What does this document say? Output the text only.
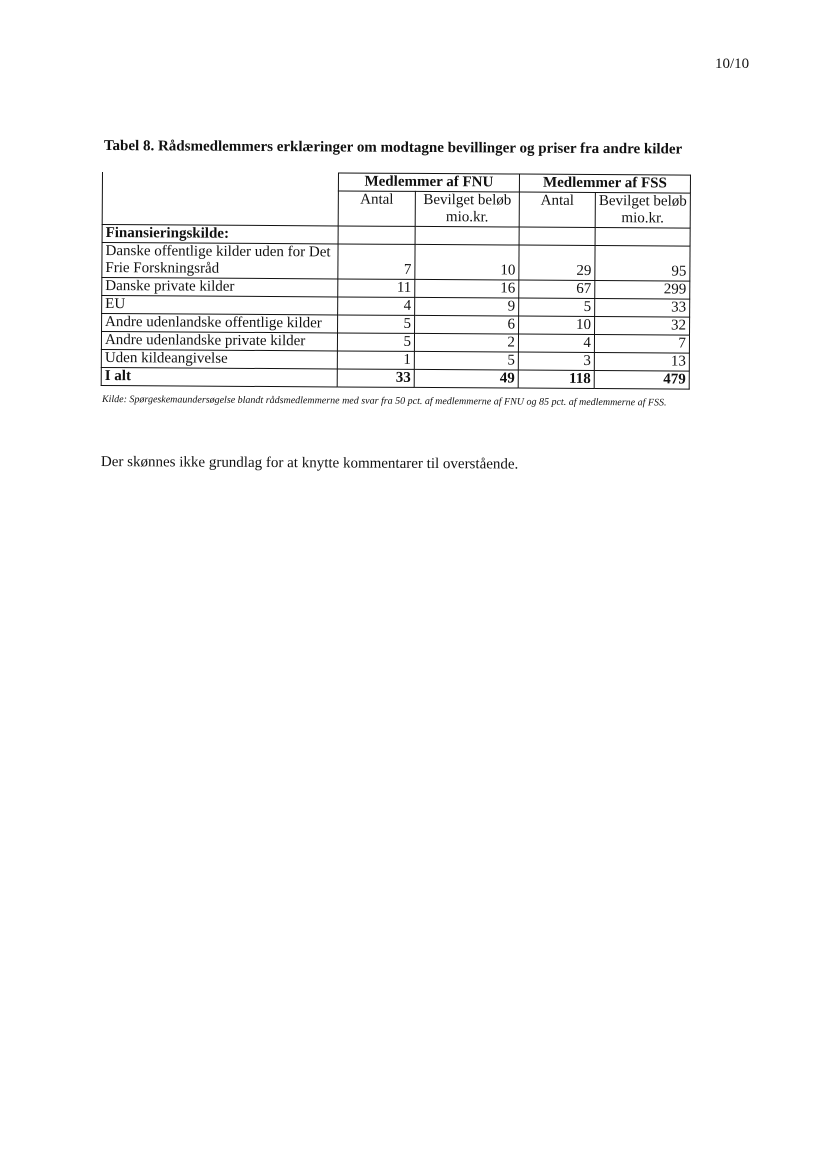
10/10
Tabel 8. Rådsmedlemmers erklæringer om modtagne bevillinger og priser fra andre kilder
	Medlemmer af FNU		Medlemmer af FSS	
	Antal	Bevilget beløb mio.kr.	Antal	Bevilget beløb mio.kr.
Finansieringskilde:				
Danske offentlige kilder uden for Det Frie Forskningsråd	7	10	29	95
Danske private kilder	11	16	67	299
EU	4	9	5	33
Andre udenlandske offentlige kilder	5	6	10	32
Andre udenlandske private kilder	5	2	4	7
Uden kildeangivelse	1	5	3	13
I alt	33	49	118	479
Kilde: Spørgeskemaundersøgelse blandt rådsmedlemmerne med svar fra 50 pct. af medlemmerne af FNU og 85 pct. af medlemmerne af FSS.
Der skønnes ikke grundlag for at knytte kommentarer til overstående.
